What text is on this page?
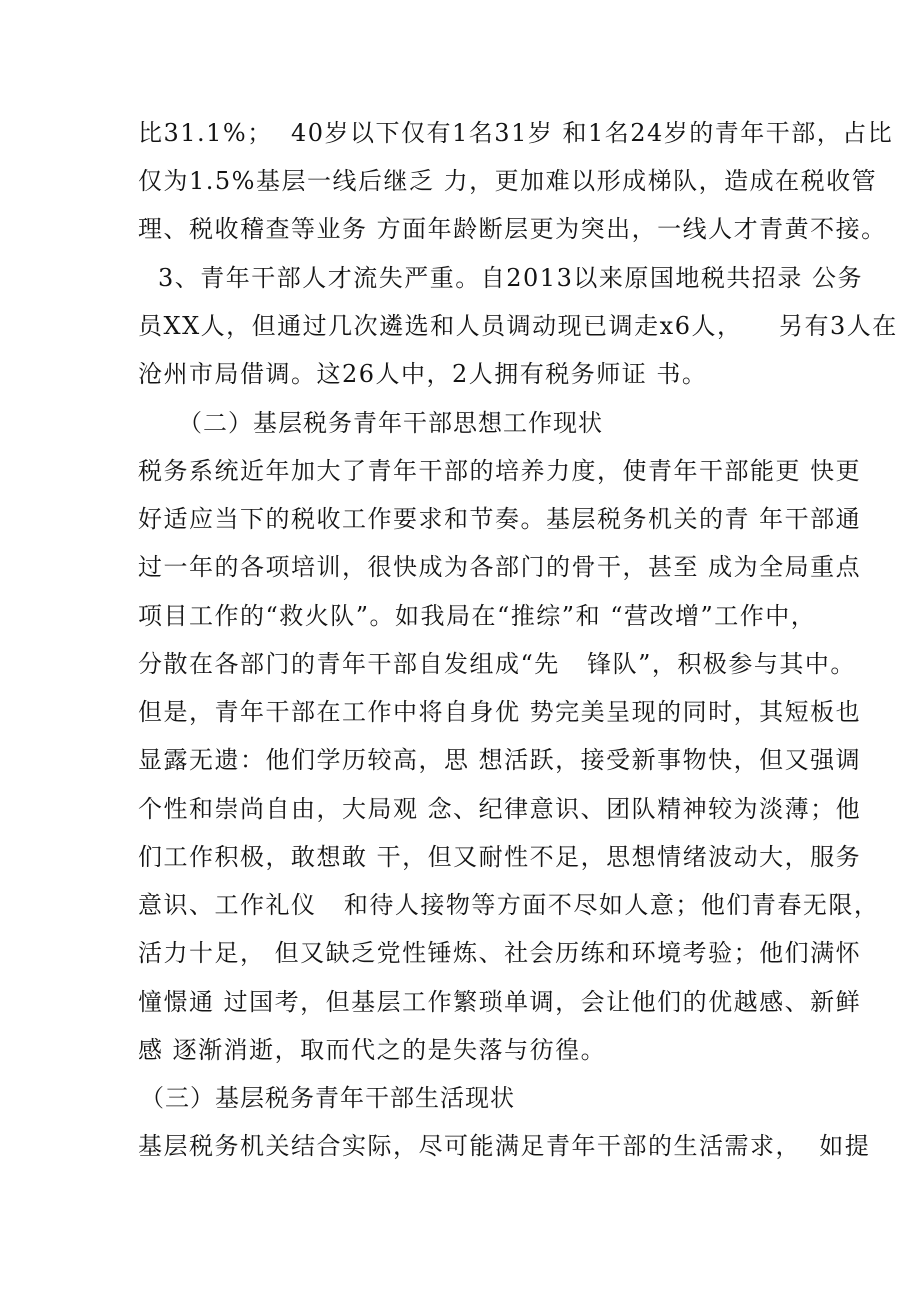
比31.1%；  40岁以下仅有1名31岁 和1名24岁的青年干部，占比
仅为1.5%基层一线后继乏 力，更加难以形成梯队，造成在税收管
理、税收稽查等业务 方面年龄断层更为突出，一线人才青黄不接。
3、青年干部人才流失严重。自2013以来原国地税共招录 公务
员XX人，但通过几次遴选和人员调动现已调走x6人，    另有3人在
沧州市局借调。这26人中，2人拥有税务师证 书。
（二）基层税务青年干部思想工作现状
税务系统近年加大了青年干部的培养力度，使青年干部能更 快更
好适应当下的税收工作要求和节奏。基层税务机关的青 年干部通
过一年的各项培训，很快成为各部门的骨干，甚至 成为全局重点
项目工作的“救火队”。如我局在“推综”和 “营改增”工作中，
分散在各部门的青年干部自发组成“先   锋队”，积极参与其中。
但是，青年干部在工作中将自身优 势完美呈现的同时，其短板也
显露无遗：他们学历较高，思 想活跃，接受新事物快，但又强调
个性和崇尚自由，大局观 念、纪律意识、团队精神较为淡薄；他
们工作积极，敢想敢 干，但又耐性不足，思想情绪波动大，服务
意识、工作礼仪   和待人接物等方面不尽如人意；他们青春无限，
活力十足， 但又缺乏党性锤炼、社会历练和环境考验；他们满怀
憧憬通 过国考，但基层工作繁琐单调，会让他们的优越感、新鲜
感 逐渐消逝，取而代之的是失落与彷徨。
（三）基层税务青年干部生活现状
基层税务机关结合实际，尽可能满足青年干部的生活需求，  如提
